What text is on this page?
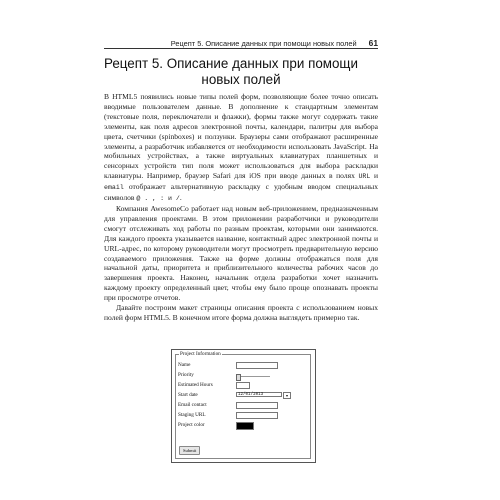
Рецепт 5. Описание данных при помощи новых полей 61
Рецепт 5. Описание данных при помощи
новых полей

В HTML5 появились новые типы полей форм, позволяющие более точно описать вводимые пользователем данные. В дополнение к стандартным элементам (текстовые поля, переключатели и флажки), формы также могут содержать такие элементы, как поля адресов электронной почты, календари, палитры для выбора цвета, счетчики (spinboxes) и ползунки. Браузеры сами отображают расширенные элементы, а разработчик избавляется от необходимости использовать JavaScript. На мобильных устройствах, а также виртуальных клавиатурах планшетных и сенсорных устройств тип поля может использоваться для выбора раскладки клавиатуры. Например, браузер Safari для iOS при вводе данных в полях URL и email отображает альтернативную раскладку с удобным вводом специальных символов @ . , : и /.

Компания AwesomeCo работает над новым веб-приложением, предназначенным для управления проектами. В этом приложении разработчики и руководители смогут отслеживать ход работы по разным проектам, которыми они занимаются. Для каждого проекта указывается название, контактный адрес электронной почты и URL-адрес, по которому руководители могут просмотреть предварительную версию создаваемого приложения. Также на форме должны отображаться поля для начальной даты, приоритета и приблизительного количества рабочих часов до завершения проекта. Наконец, начальник отдела разработки хочет назначить каждому проекту определенный цвет, чтобы ему было проще опознавать проекты при просмотре отчетов.

Давайте построим макет страницы описания проекта с использованием новых полей форм HTML5. В конечном итоге форма должна выглядеть примерно так.

Project Information
Name
Priority
Estimated Hours
Start date	12/01/2013	▾
Email contact
Staging URL
Project color
Submit
